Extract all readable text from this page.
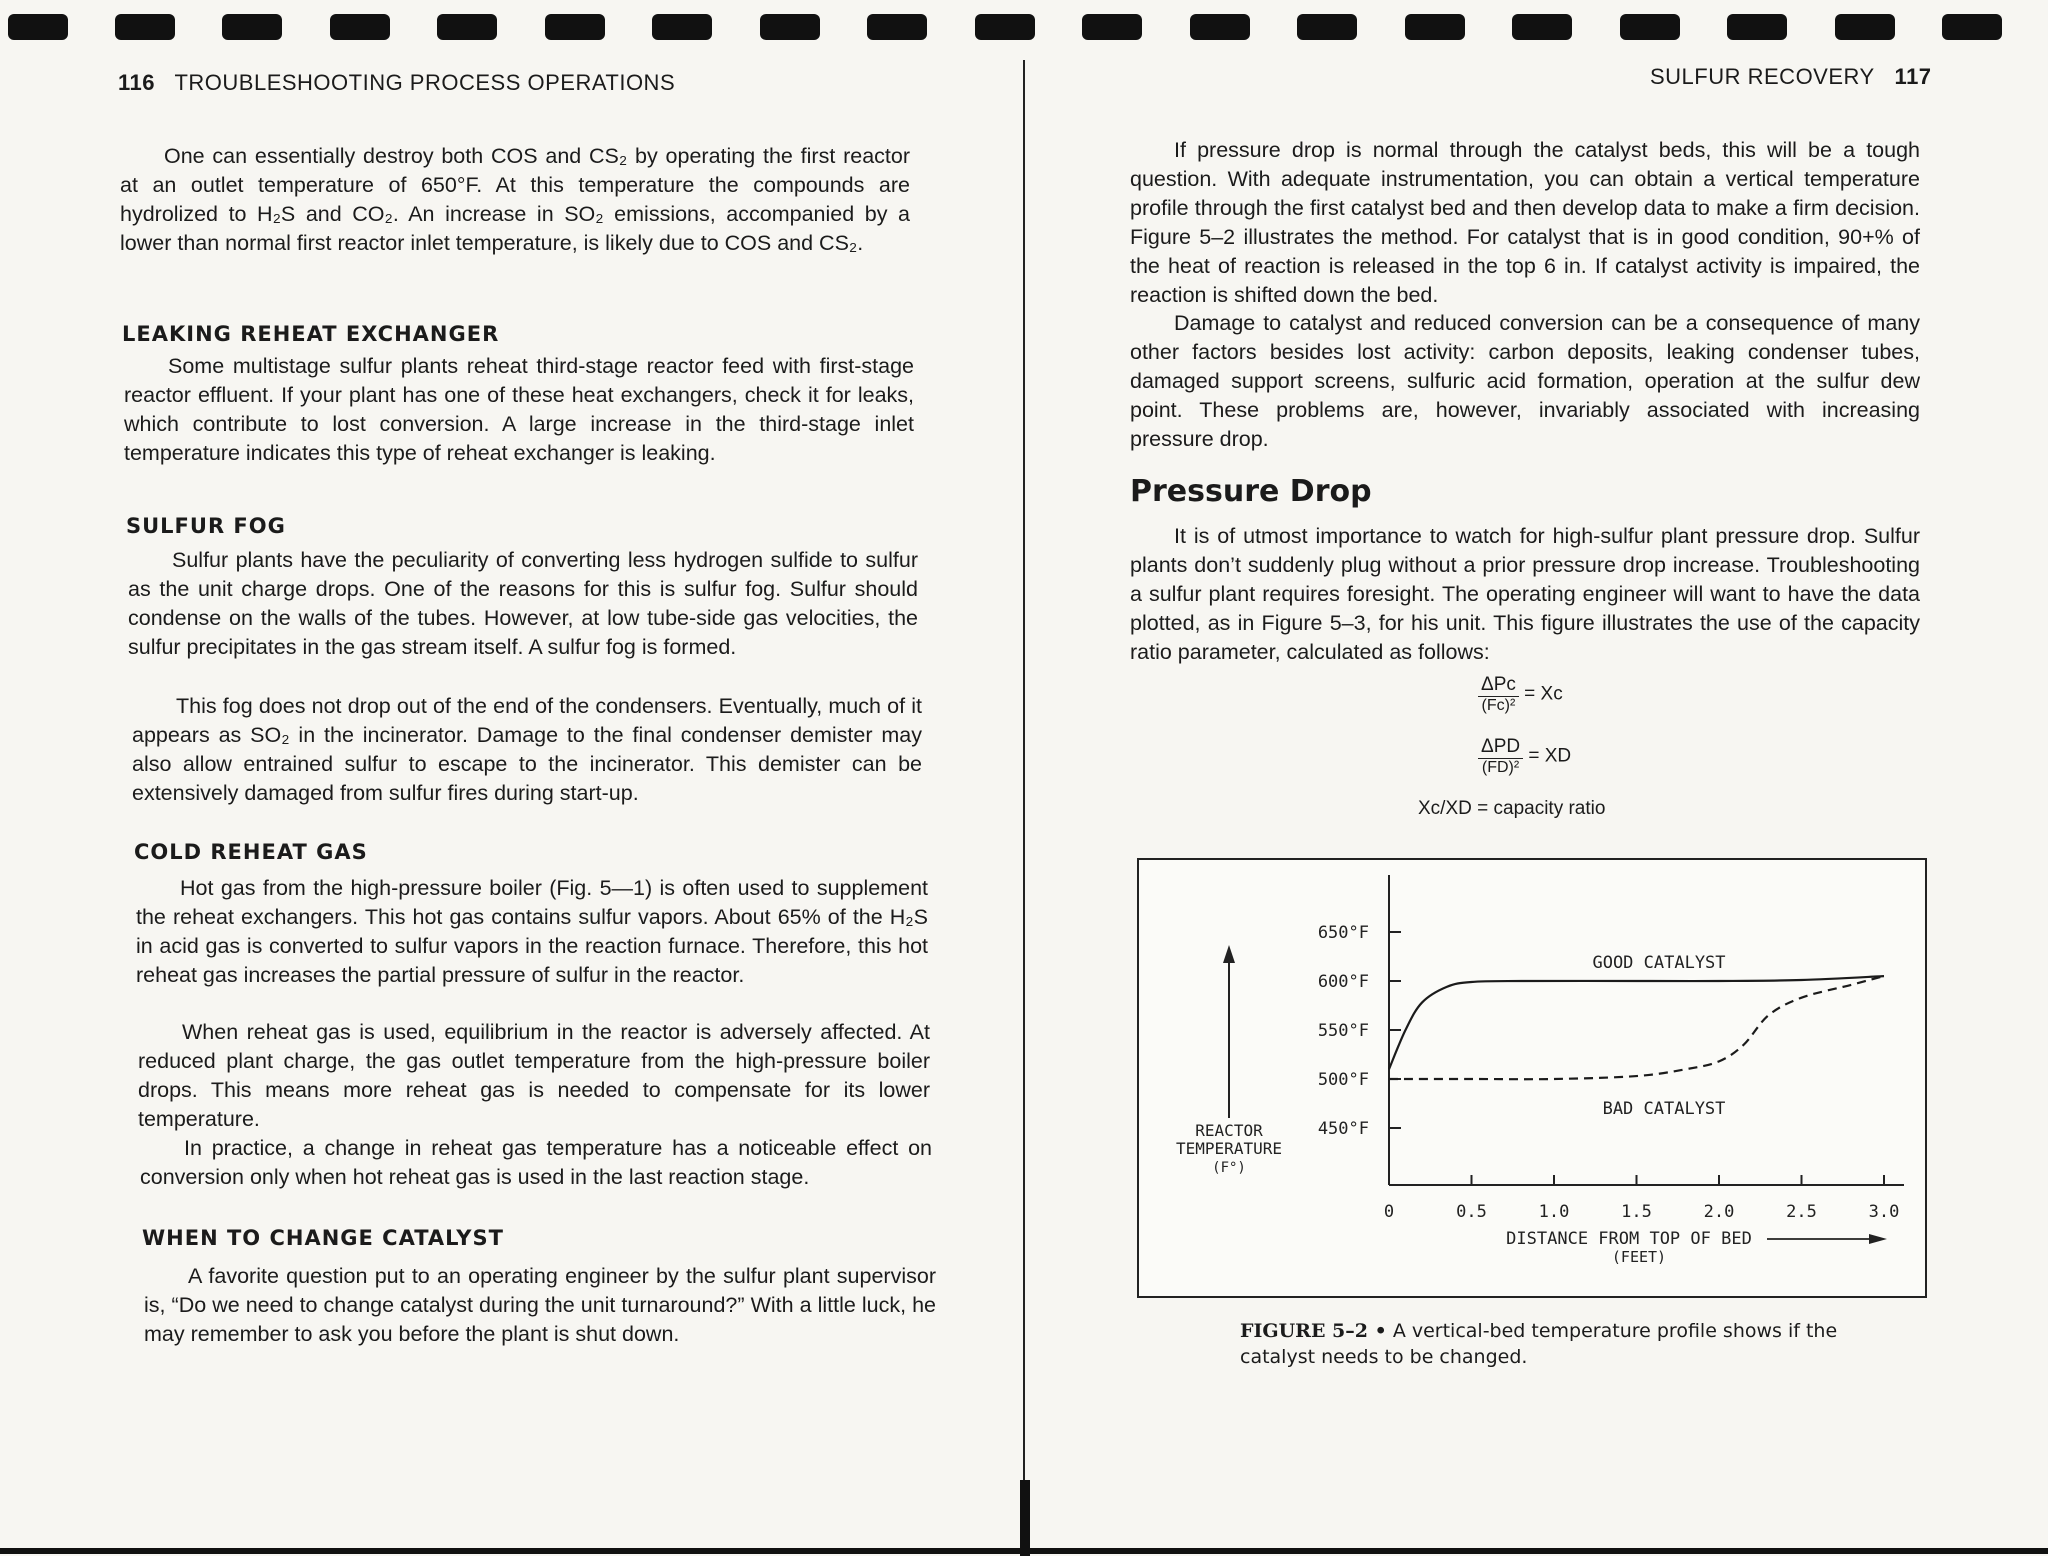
116 TROUBLESHOOTING PROCESS OPERATIONS

One can essentially destroy both COS and CS₂ by operating the first reactor at an outlet temperature of 650°F. At this temperature the compounds are hydrolized to H₂S and CO₂. An increase in SO₂ emissions, accompanied by a lower than normal first reactor inlet temperature, is likely due to COS and CS₂.

LEAKING REHEAT EXCHANGER

Some multistage sulfur plants reheat third-stage reactor feed with first-stage reactor effluent. If your plant has one of these heat exchangers, check it for leaks, which contribute to lost conversion. A large increase in the third-stage inlet temperature indicates this type of reheat exchanger is leaking.

SULFUR FOG

Sulfur plants have the peculiarity of converting less hydrogen sulfide to sulfur as the unit charge drops. One of the reasons for this is sulfur fog. Sulfur should condense on the walls of the tubes. However, at low tube-side gas velocities, the sulfur precipitates in the gas stream itself. A sulfur fog is formed.

This fog does not drop out of the end of the condensers. Eventually, much of it appears as SO₂ in the incinerator. Damage to the final condenser demister may also allow entrained sulfur to escape to the incinerator. This demister can be extensively damaged from sulfur fires during start-up.

COLD REHEAT GAS

Hot gas from the high-pressure boiler (Fig. 5—1) is often used to supplement the reheat exchangers. This hot gas contains sulfur vapors. About 65% of the H₂S in acid gas is converted to sulfur vapors in the reaction furnace. Therefore, this hot reheat gas increases the partial pressure of sulfur in the reactor.

When reheat gas is used, equilibrium in the reactor is adversely affected. At reduced plant charge, the gas outlet temperature from the high-pressure boiler drops. This means more reheat gas is needed to compensate for its lower temperature.

In practice, a change in reheat gas temperature has a noticeable effect on conversion only when hot reheat gas is used in the last reaction stage.

WHEN TO CHANGE CATALYST

A favorite question put to an operating engineer by the sulfur plant supervisor is, “Do we need to change catalyst during the unit turnaround?” With a little luck, he may remember to ask you before the plant is shut down.

SULFUR RECOVERY 117

If pressure drop is normal through the catalyst beds, this will be a tough question. With adequate instrumentation, you can obtain a vertical temperature profile through the first catalyst bed and then develop data to make a firm decision. Figure 5–2 illustrates the method. For catalyst that is in good condition, 90+% of the heat of reaction is released in the top 6 in. If catalyst activity is impaired, the reaction is shifted down the bed.

Damage to catalyst and reduced conversion can be a consequence of many other factors besides lost activity: carbon deposits, leaking condenser tubes, damaged support screens, sulfuric acid formation, operation at the sulfur dew point. These problems are, however, invariably associated with increasing pressure drop.

Pressure Drop

It is of utmost importance to watch for high-sulfur plant pressure drop. Sulfur plants don’t suddenly plug without a prior pressure drop increase. Troubleshooting a sulfur plant requires foresight. The operating engineer will want to have the data plotted, as in Figure 5–3, for his unit. This figure illustrates the use of the capacity ratio parameter, calculated as follows:

$\frac{\text{ΔPc}}{\text{(Fc)²}} = Xc$
$\frac{\text{ΔPD}}{\text{(FD)²}}$ = XD
Xc/XD = capacity ratio
450°F
500°F
550°F
600°F
650°F
0	0.5	1.0	1.5	2.0	2.5	3.0
REACTOR
TEMPERATURE
(F°)
DISTANCE FROM TOP OF BED
(FEET)
GOOD CATALYST
BAD CATALYST
FIGURE 5–2 • A vertical-bed temperature profile shows if the catalyst needs to be changed.
